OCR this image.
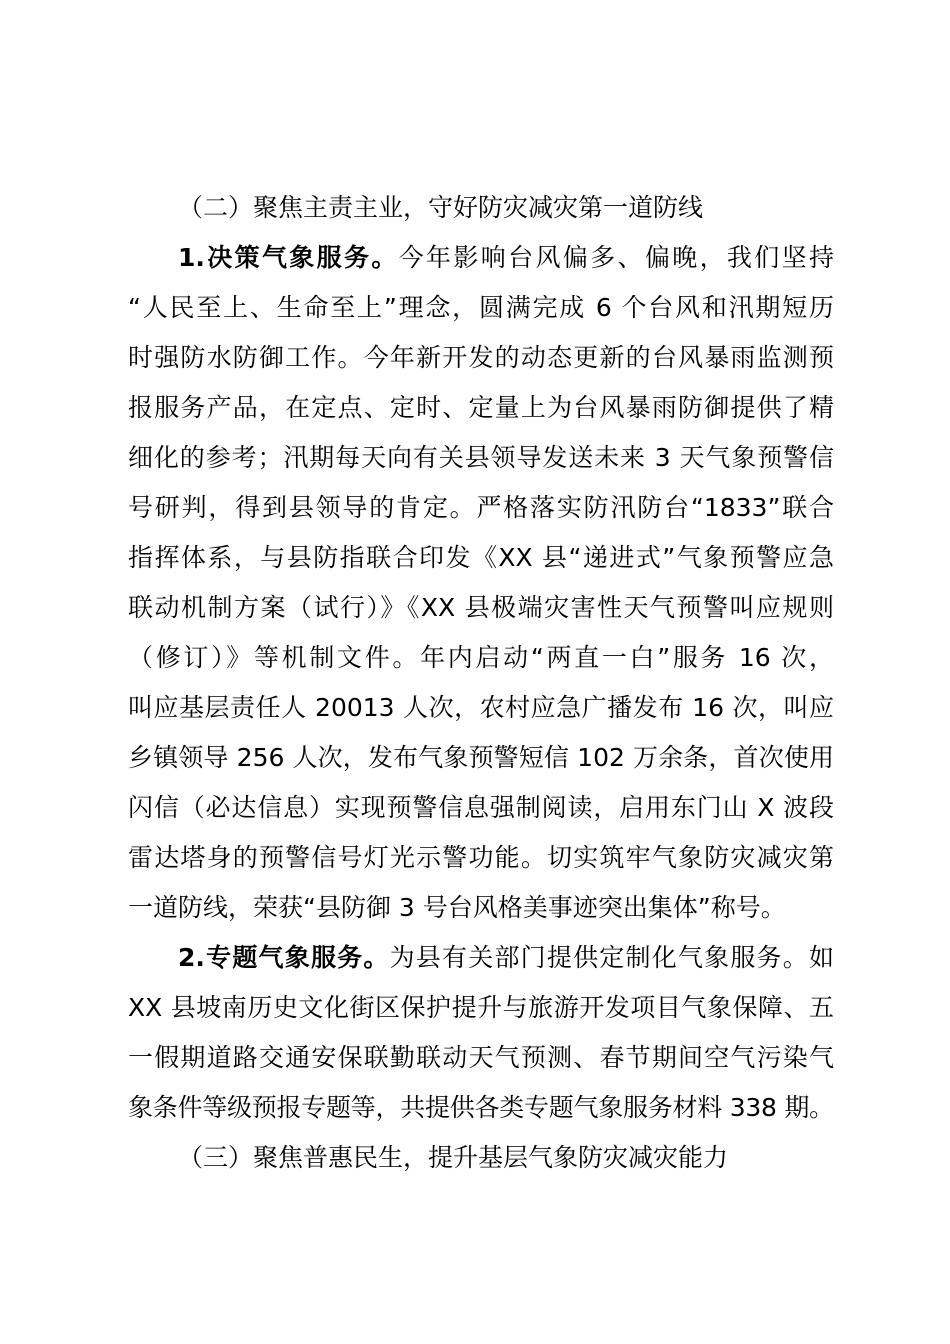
（二）聚焦主责主业，守好防灾减灾第一道防线
1.决策气象服务。今年影响台风偏多、偏晚，我们坚持
“人民至上、生命至上”理念，圆满完成 6 个台风和汛期短历
时强防水防御工作。今年新开发的动态更新的台风暴雨监测预
报服务产品，在定点、定时、定量上为台风暴雨防御提供了精
细化的参考；汛期每天向有关县领导发送未来 3 天气象预警信
号研判，得到县领导的肯定。严格落实防汛防台“1833”联合
指挥体系，与县防指联合印发《XX 县“递进式”气象预警应急
联动机制方案（试行）》《XX 县极端灾害性天气预警叫应规则
（修订）》等机制文件。年内启动“两直一白”服务 16 次，
叫应基层责任人 20013 人次，农村应急广播发布 16 次，叫应
乡镇领导 256 人次，发布气象预警短信 102 万余条，首次使用
闪信（必达信息）实现预警信息强制阅读，启用东门山 X 波段
雷达塔身的预警信号灯光示警功能。切实筑牢气象防灾减灾第
一道防线，荣获“县防御 3 号台风格美事迹突出集体”称号。
2.专题气象服务。为县有关部门提供定制化气象服务。如
XX 县坡南历史文化街区保护提升与旅游开发项目气象保障、五
一假期道路交通安保联勤联动天气预测、春节期间空气污染气
象条件等级预报专题等，共提供各类专题气象服务材料 338 期。
（三）聚焦普惠民生，提升基层气象防灾减灾能力
